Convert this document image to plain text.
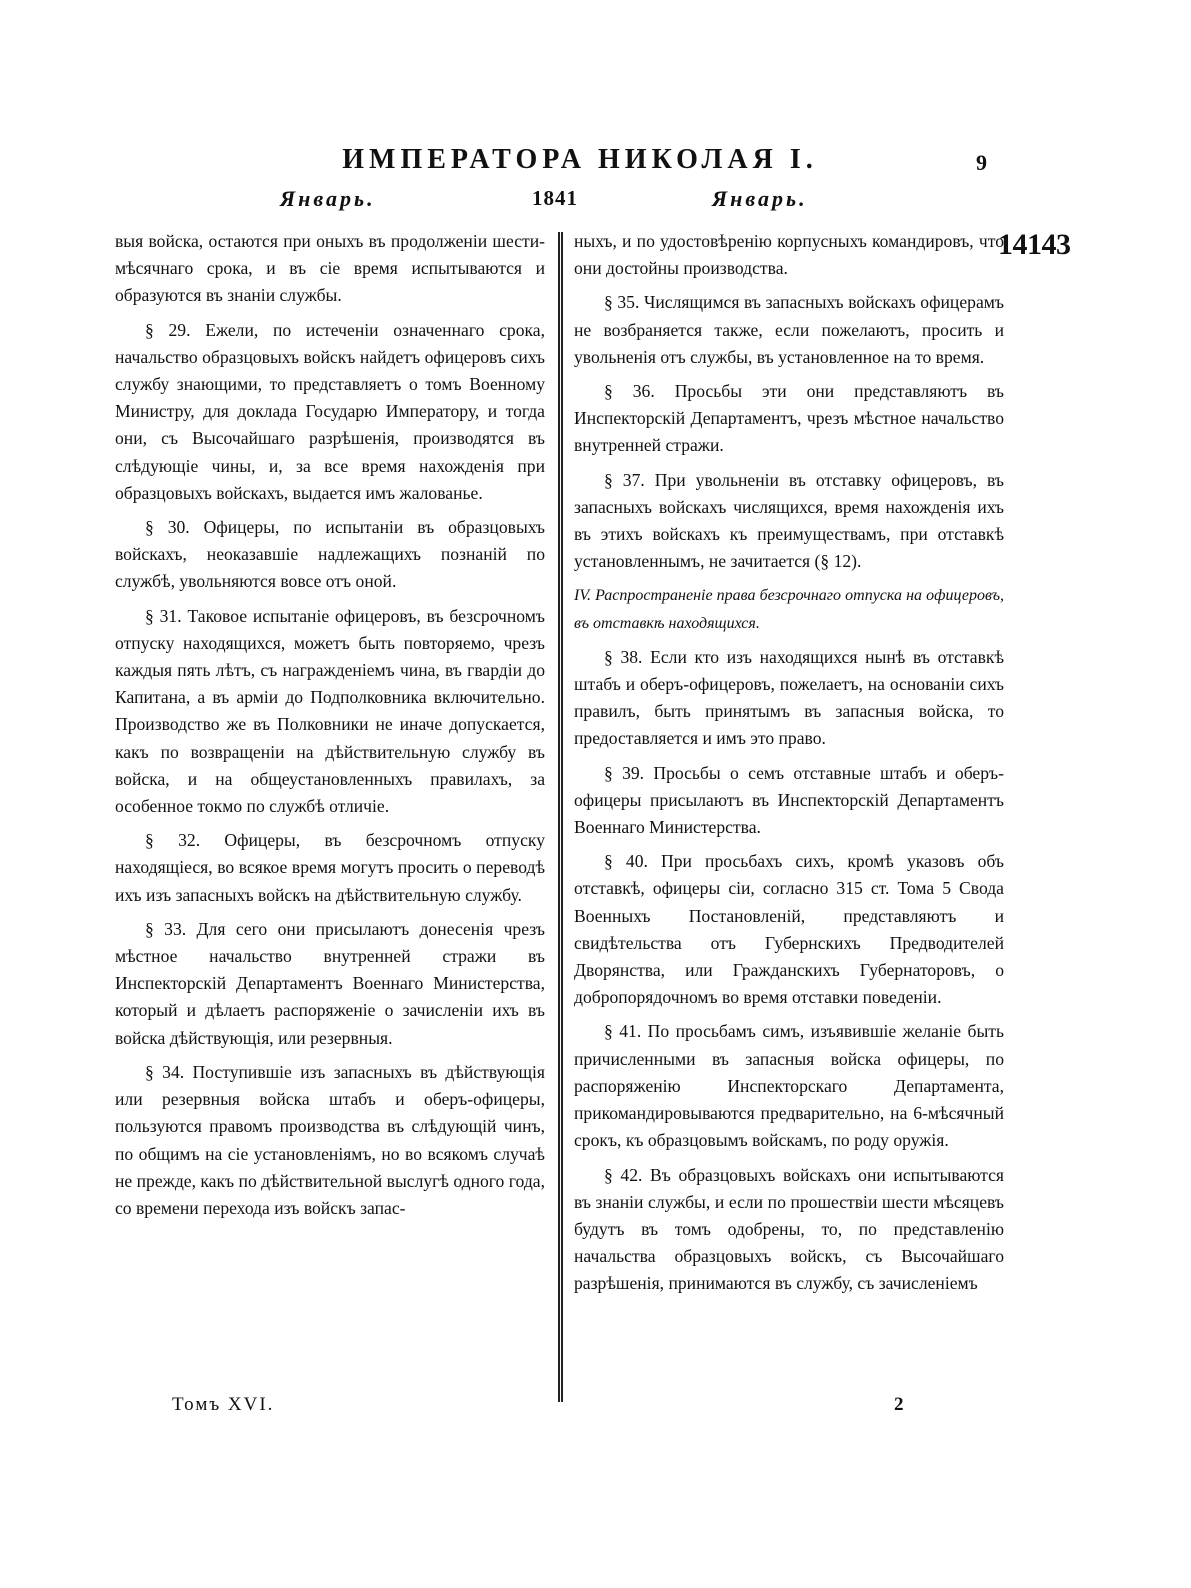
ИМПЕРАТОРА НИКОЛАЯ I.	9
Январь.	1841	Январь.
14143

выя войска, остаются при оныхъ въ продолженіи шести-мѣсячнаго срока, и въ сіе время испытываются и образуются въ знаніи службы.

§ 29. Ежели, по истеченіи означеннаго срока, начальство образцовыхъ войскъ найдетъ офицеровъ сихъ службу знающими, то представляетъ о томъ Военному Министру, для доклада Государю Императору, и тогда они, съ Высочайшаго разрѣшенія, производятся въ слѣдующіе чины, и, за все время нахожденія при образцовыхъ войскахъ, выдается имъ жалованье.

§ 30. Офицеры, по испытаніи въ образцовыхъ войскахъ, неоказавшіе надлежащихъ познаній по службѣ, увольняются вовсе отъ оной.

§ 31. Таковое испытаніе офицеровъ, въ безсрочномъ отпуску находящихся, можетъ быть повторяемо, чрезъ каждыя пять лѣтъ, съ награжденіемъ чина, въ гвардіи до Капитана, а въ арміи до Подполковника включительно. Производство же въ Полковники не иначе допускается, какъ по возвращеніи на дѣйствительную службу въ войска, и на общеустановленныхъ правилахъ, за особенное токмо по службѣ отличіе.

§ 32. Офицеры, въ безсрочномъ отпуску находящіеся, во всякое время могутъ просить о переводѣ ихъ изъ запасныхъ войскъ на дѣйствительную службу.

§ 33. Для сего они присылаютъ донесенія чрезъ мѣстное начальство внутренней стражи въ Инспекторскій Департаментъ Военнаго Министерства, который и дѣлаетъ распоряженіе о зачисленіи ихъ въ войска дѣйствующія, или резервныя.

§ 34. Поступившіе изъ запасныхъ въ дѣйствующія или резервныя войска штабъ и оберъ-офицеры, пользуются правомъ производства въ слѣдующій чинъ, по общимъ на сіе установленіямъ, но во всякомъ случаѣ не прежде, какъ по дѣйствительной выслугѣ одного года, со времени перехода изъ войскъ запас-

ныхъ, и по удостовѣренію корпусныхъ командировъ, что они достойны производства.

§ 35. Числящимся въ запасныхъ войскахъ офицерамъ не возбраняется также, если пожелаютъ, просить и увольненія отъ службы, въ установленное на то время.

§ 36. Просьбы эти они представляютъ въ Инспекторскій Департаментъ, чрезъ мѣстное начальство внутренней стражи.

§ 37. При увольненіи въ отставку офицеровъ, въ запасныхъ войскахъ числящихся, время нахожденія ихъ въ этихъ войскахъ къ преимуществамъ, при отставкѣ установленнымъ, не зачитается (§ 12).

IV. Распространеніе права безсрочнаго отпуска на офицеровъ, въ отставкѣ находящихся.

§ 38. Если кто изъ находящихся нынѣ въ отставкѣ штабъ и оберъ-офицеровъ, пожелаетъ, на основаніи сихъ правилъ, быть принятымъ въ запасныя войска, то предоставляется и имъ это право.

§ 39. Просьбы о семъ отставные штабъ и оберъ-офицеры присылаютъ въ Инспекторскій Департаментъ Военнаго Министерства.

§ 40. При просьбахъ сихъ, кромѣ указовъ объ отставкѣ, офицеры сіи, согласно 315 ст. Тома 5 Свода Военныхъ Постановленій, представляютъ и свидѣтельства отъ Губернскихъ Предводителей Дворянства, или Гражданскихъ Губернаторовъ, о добропорядочномъ во время отставки поведеніи.

§ 41. По просьбамъ симъ, изъявившіе желаніе быть причисленными въ запасныя войска офицеры, по распоряженію Инспекторскаго Департамента, прикомандировываются предварительно, на 6-мѣсячный срокъ, къ образцовымъ войскамъ, по роду оружія.

§ 42. Въ образцовыхъ войскахъ они испытываются въ знаніи службы, и если по прошествіи шести мѣсяцевъ будутъ въ томъ одобрены, то, по представленію начальства образцовыхъ войскъ, съ Высочайшаго разрѣшенія, принимаются въ службу, съ зачисленіемъ

Томъ XVI.	2
